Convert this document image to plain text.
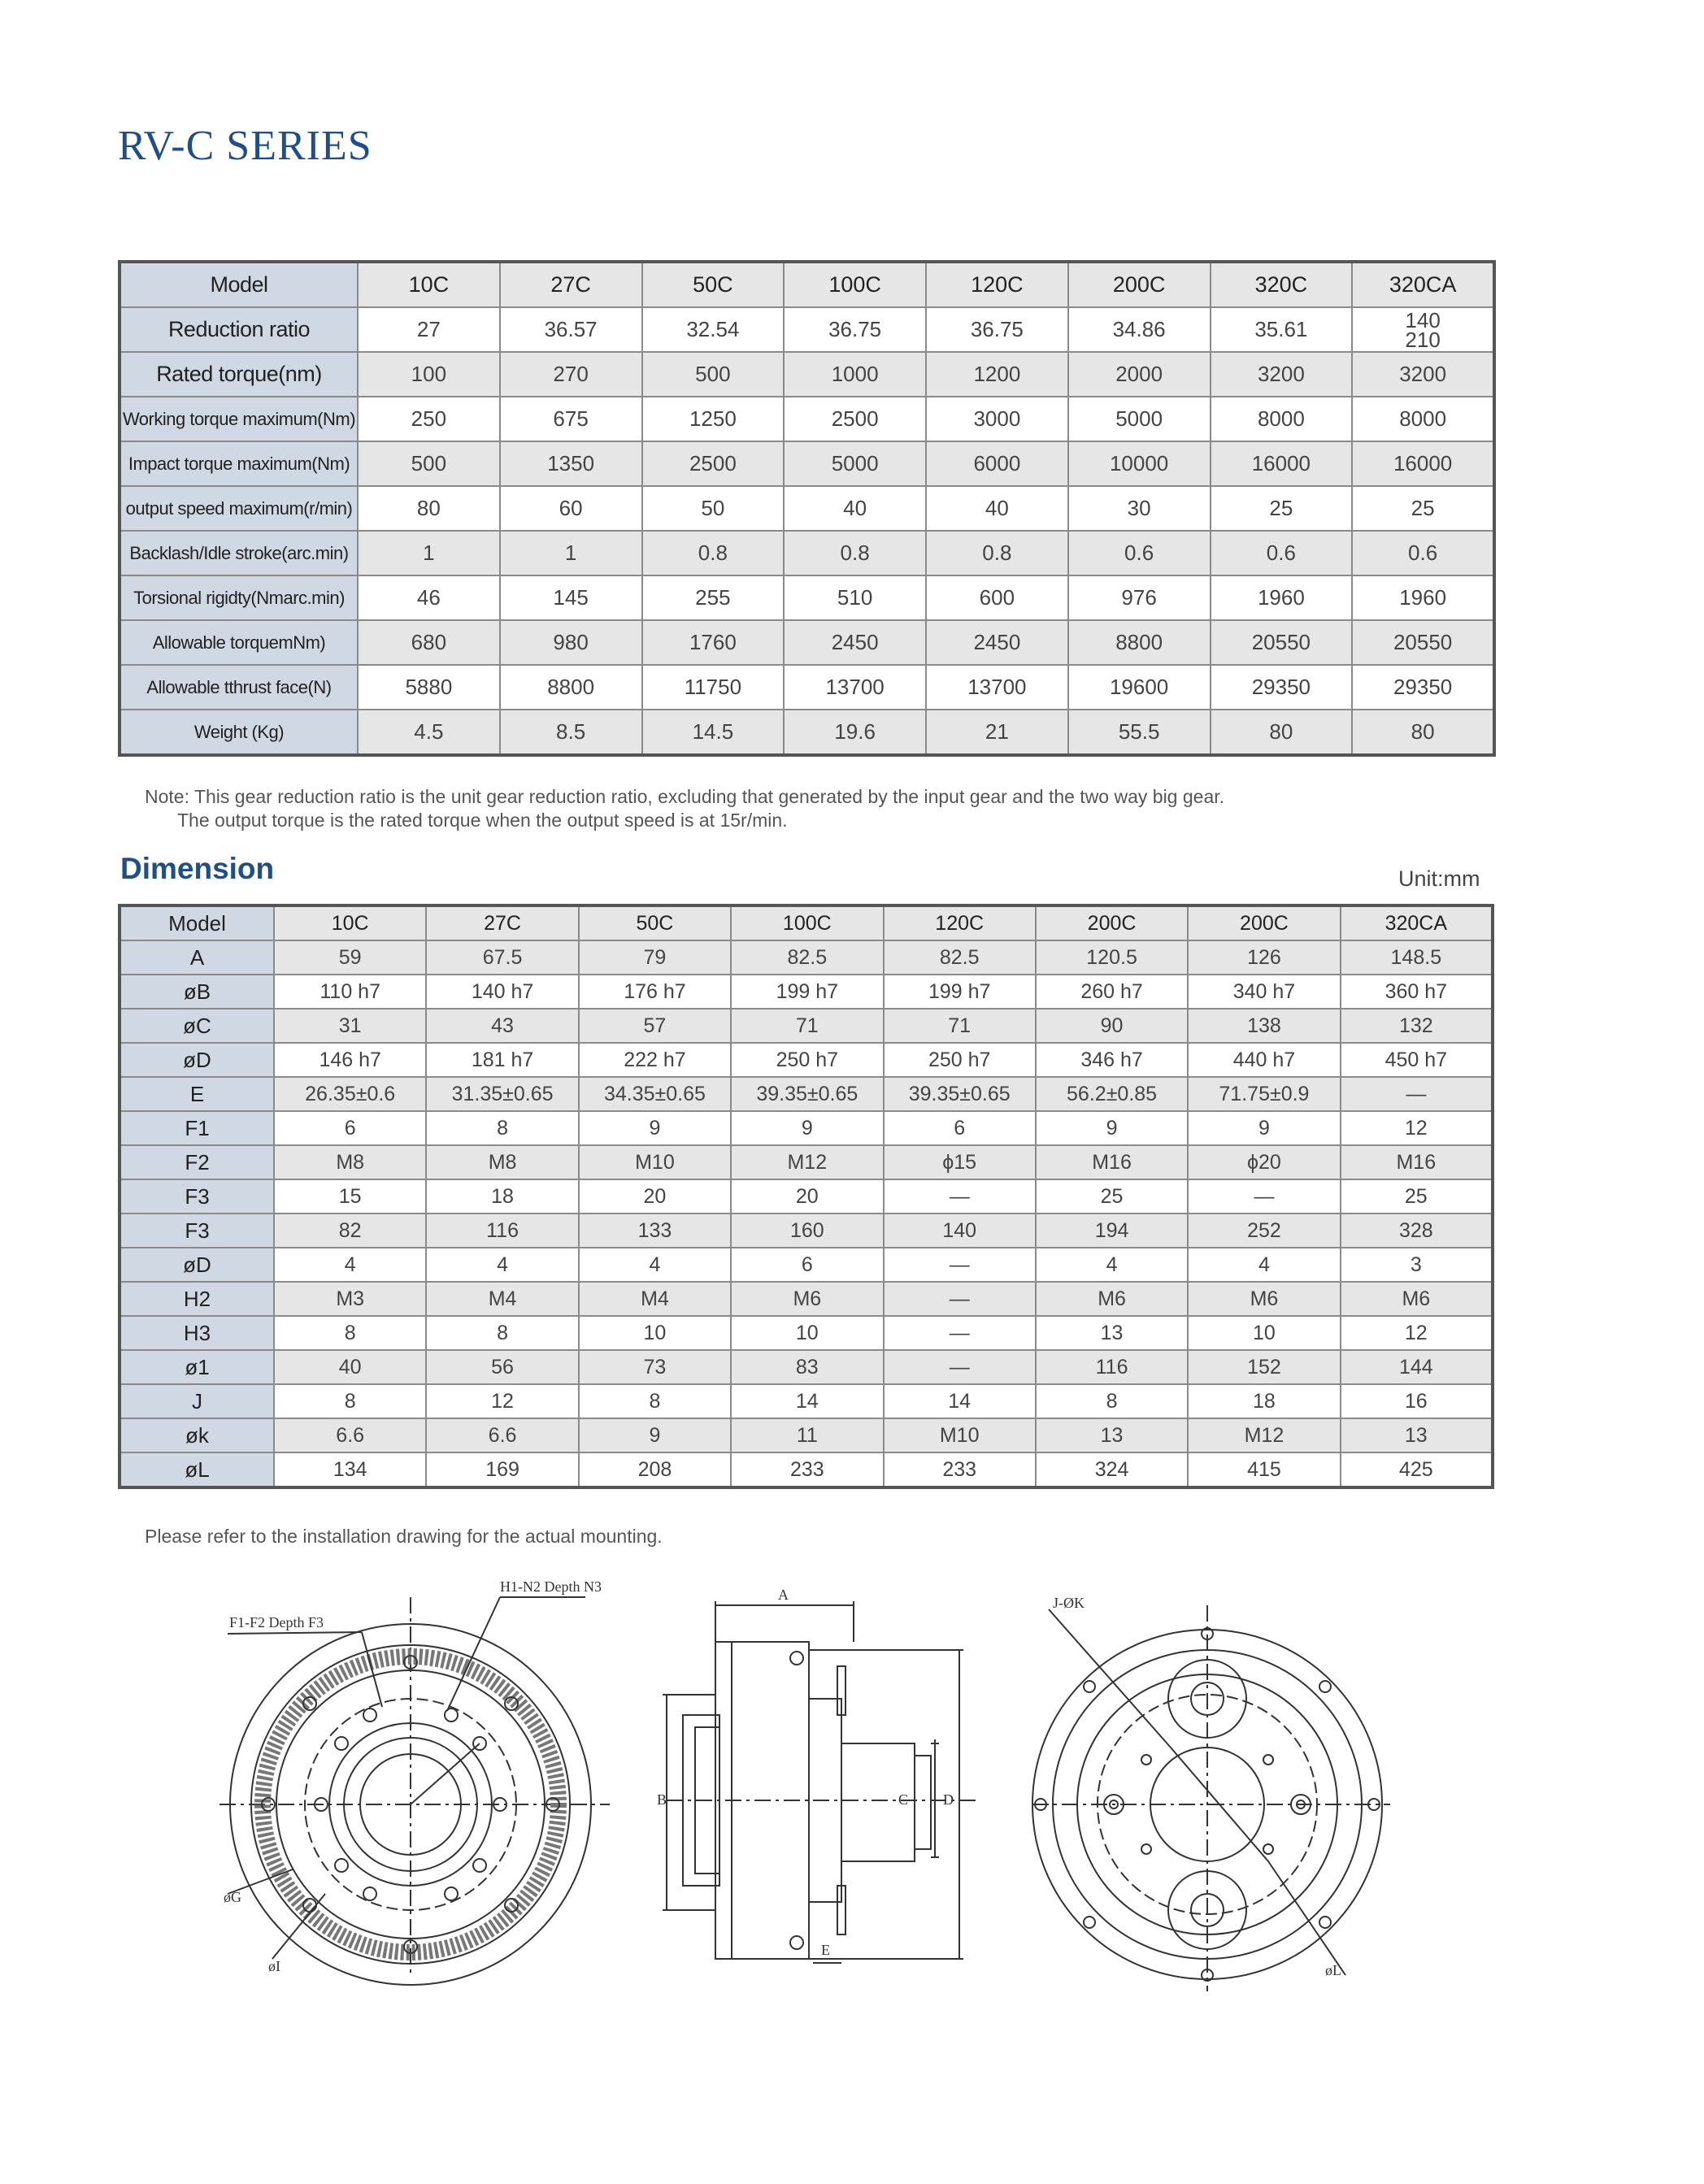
RV-C SERIES
Model	10C	27C	50C	100C	120C	200C	320C	320CA
Reduction ratio	27	36.57	32.54	36.75	36.75	34.86	35.61	140
210
Rated torque(nm)	100	270	500	1000	1200	2000	3200	3200
Working torque maximum(Nm)	250	675	1250	2500	3000	5000	8000	8000
Impact torque maximum(Nm)	500	1350	2500	5000	6000	10000	16000	16000
output speed maximum(r/min)	80	60	50	40	40	30	25	25
Backlash/Idle stroke(arc.min)	1	1	0.8	0.8	0.8	0.6	0.6	0.6
Torsional rigidty(Nmarc.min)	46	145	255	510	600	976	1960	1960
Allowable torquemNm)	680	980	1760	2450	2450	8800	20550	20550
Allowable tthrust face(N)	5880	8800	11750	13700	13700	19600	29350	29350
Weight (Kg)	4.5	8.5	14.5	19.6	21	55.5	80	80
Note: This gear reduction ratio is the unit gear reduction ratio, excluding that generated by the input gear and the two way big gear.
The output torque is the rated torque when the output speed is at 15r/min.
Dimension	Unit:mm
Model	10C	27C	50C	100C	120C	200C	200C	320CA
A	59	67.5	79	82.5	82.5	120.5	126	148.5
øB	110 h7	140 h7	176 h7	199 h7	199 h7	260 h7	340 h7	360 h7
øC	31	43	57	71	71	90	138	132
øD	146 h7	181 h7	222 h7	250 h7	250 h7	346 h7	440 h7	450 h7
E	26.35±0.6	31.35±0.65	34.35±0.65	39.35±0.65	39.35±0.65	56.2±0.85	71.75±0.9	—
F1	6	8	9	9	6	9	9	12
F2	M8	M8	M10	M12	ϕ15	M16	ϕ20	M16
F3	15	18	20	20	—	25	—	25
F3	82	116	133	160	140	194	252	328
øD	4	4	4	6	—	4	4	3
H2	M3	M4	M4	M6	—	M6	M6	M6
H3	8	8	10	10	—	13	10	12
ø1	40	56	73	83	—	116	152	144
J	8	12	8	14	14	8	18	16
øk	6.6	6.6	9	11	M10	13	M12	13
øL	134	169	208	233	233	324	415	425
Please refer to the installation drawing for the actual mounting.
F1-F2 Depth F3
H1-N2 Depth N3
øG
øI
A
B	C D
E
J-ØK
øL
